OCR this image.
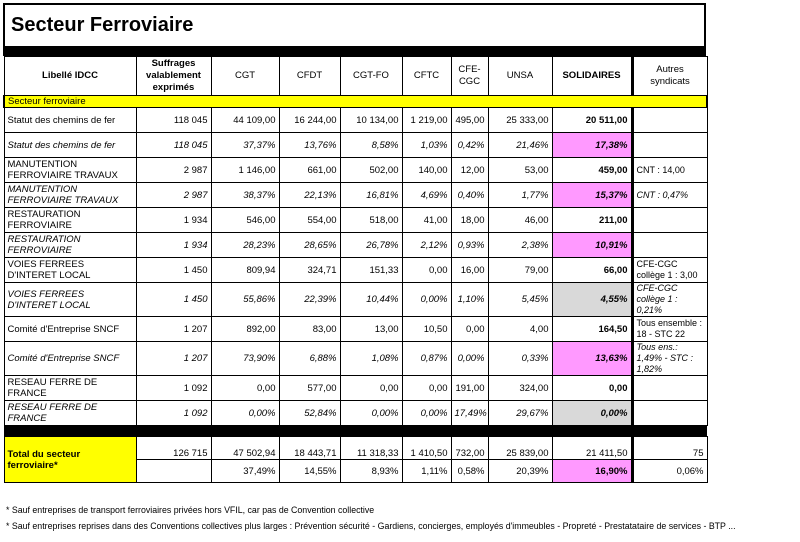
Secteur Ferroviaire
Libellé IDCC	Suffrages valablement exprimés	CGT	CFDT	CGT-FO	CFTC	CFE-CGC	UNSA	SOLIDAIRES	Autres syndicats
Secteur ferroviaire									
Statut des chemins de fer	118 045	44 109,00	16 244,00	10 134,00	1 219,00	495,00	25 333,00	20 511,00	
Statut des chemins de fer	118 045	37,37%	13,76%	8,58%	1,03%	0,42%	21,46%	17,38%	
MANUTENTION FERROVIAIRE TRAVAUX	2 987	1 146,00	661,00	502,00	140,00	12,00	53,00	459,00	CNT : 14,00
MANUTENTION FERROVIAIRE TRAVAUX	2 987	38,37%	22,13%	16,81%	4,69%	0,40%	1,77%	15,37%	CNT : 0,47%
RESTAURATION FERROVIAIRE	1 934	546,00	554,00	518,00	41,00	18,00	46,00	211,00	
RESTAURATION FERROVIAIRE	1 934	28,23%	28,65%	26,78%	2,12%	0,93%	2,38%	10,91%	
VOIES FERREES D'INTERET LOCAL	1 450	809,94	324,71	151,33	0,00	16,00	79,00	66,00	CFE-CGC collège 1 : 3,00
VOIES FERREES D'INTERET LOCAL	1 450	55,86%	22,39%	10,44%	0,00%	1,10%	5,45%	4,55%	CFE-CGC collège 1 : 0,21%
Comité d'Entreprise SNCF	1 207	892,00	83,00	13,00	10,50	0,00	4,00	164,50	Tous ensemble : 18 - STC 22
Comité d'Entreprise SNCF	1 207	73,90%	6,88%	1,08%	0,87%	0,00%	0,33%	13,63%	Tous ens.: 1,49% - STC : 1,82%
RESEAU FERRE DE FRANCE	1 092	0,00	577,00	0,00	0,00	191,00	324,00	0,00	
RESEAU FERRE DE FRANCE	1 092	0,00%	52,84%	0,00%	0,00%	17,49%	29,67%	0,00%	

Total du secteur ferroviaire*	126 715	47 502,94	18 443,71	11 318,33	1 410,50	732,00	25 839,00	21 411,50	75
		37,49%	14,55%	8,93%	1,11%	0,58%	20,39%	16,90%	0,06%
* Sauf entreprises de transport ferroviaires privées hors VFIL, car pas de Convention collective
* Sauf entreprises reprises dans des Conventions collectives plus larges : Prévention sécurité - Gardiens, concierges, employés d'immeubles - Propreté - Prestatataire de services - BTP ...
